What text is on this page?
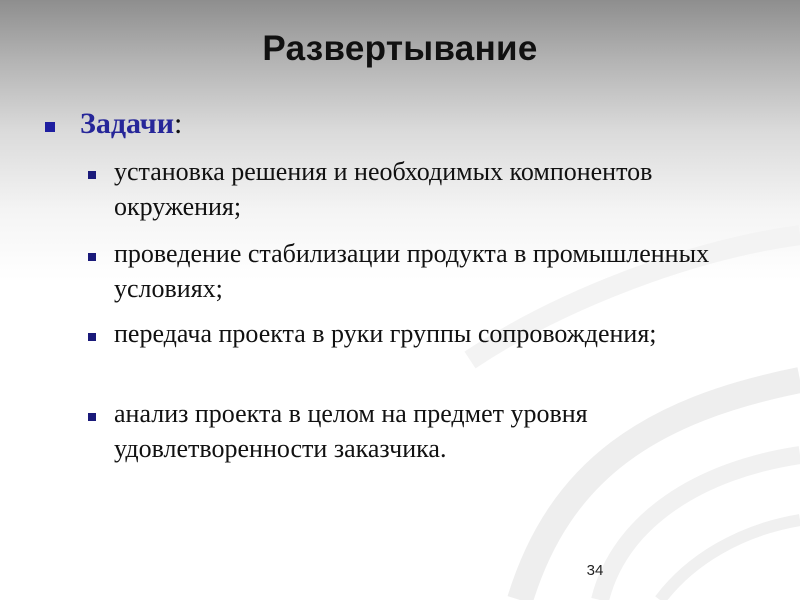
Развертывание
Задачи:
установка решения и необходимых компонентов окружения;
проведение стабилизации продукта в промышленных условиях;
передача проекта в руки группы сопровождения;
анализ проекта в целом на предмет уровня удовлетворенности заказчика.
34
